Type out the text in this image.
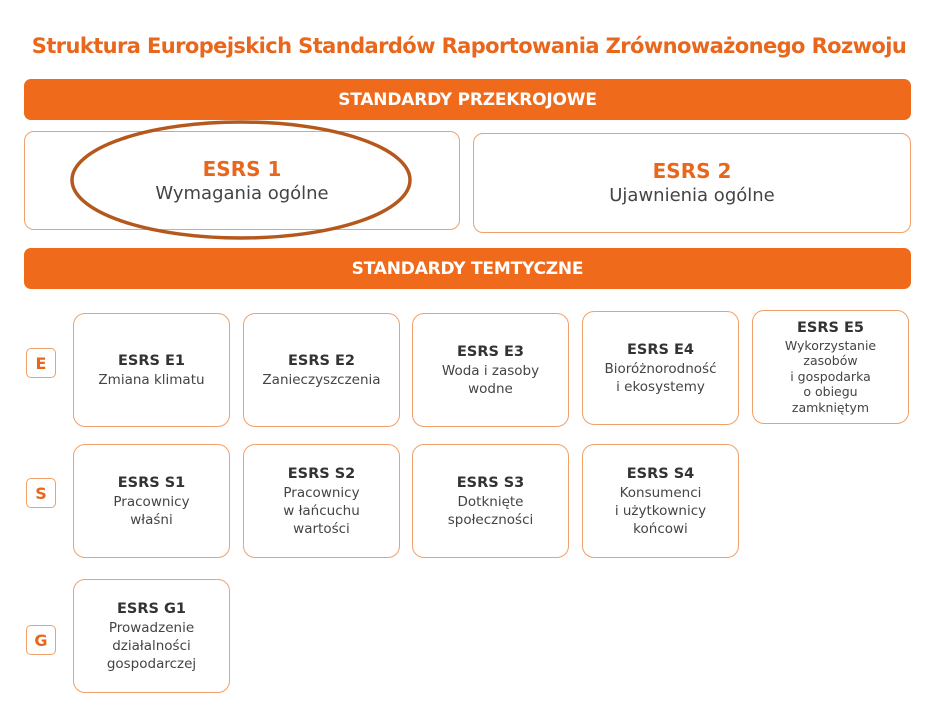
Struktura Europejskich Standardów Raportowania Zrównoważonego Rozwoju
STANDARDY PRZEKROJOWE
ESRS 1
Wymagania ogólne
ESRS 2
Ujawnienia ogólne
STANDARDY TEMTYCZNE
E	ESRS E1
Zmiana klimatu
ESRS E2
Zanieczyszczenia
ESRS E3
Woda i zasoby
wodne
ESRS E4
Bioróżnorodność
i ekosystemy
ESRS E5
Wykorzystanie
zasobów
i gospodarka
o obiegu
zamkniętym
S
ESRS S1
Pracownicy
właśni
ESRS S2
Pracownicy
w łańcuchu
wartości
ESRS S3
Dotknięte
społeczności
ESRS S4
Konsumenci
i użytkownicy
końcowi
G
ESRS G1
Prowadzenie
działalności
gospodarczej
